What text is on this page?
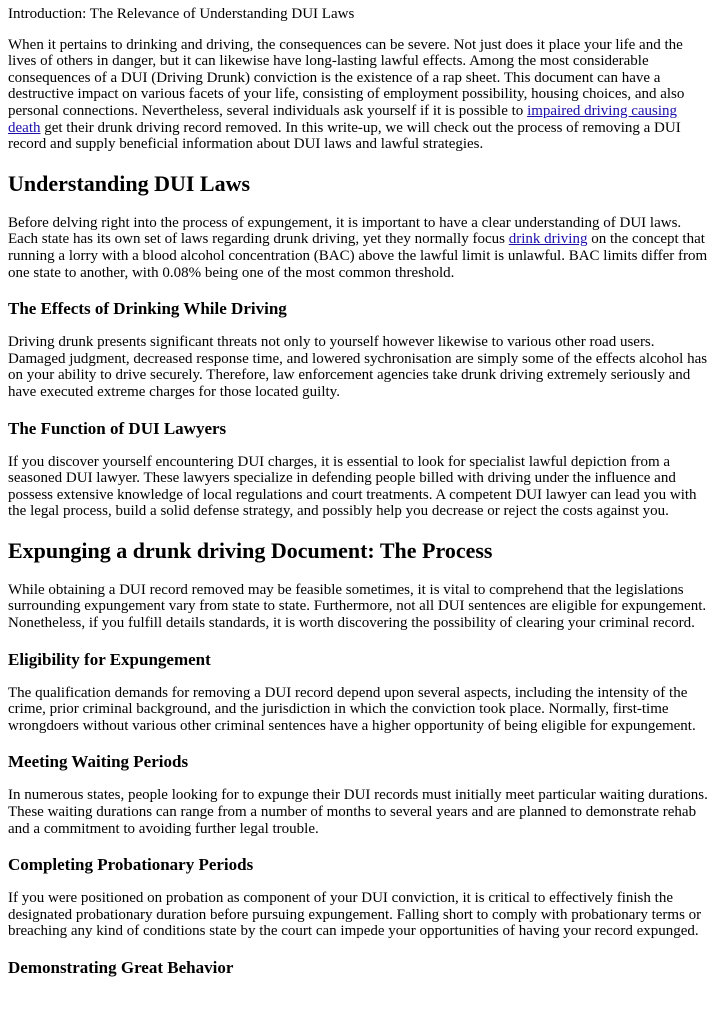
Introduction: The Relevance of Understanding DUI Laws

When it pertains to drinking and driving, the consequences can be severe. Not just does it place your life and the lives of others in danger, but it can likewise have long-lasting lawful effects. Among the most considerable consequences of a DUI (Driving Drunk) conviction is the existence of a rap sheet. This document can have a destructive impact on various facets of your life, consisting of employment possibility, housing choices, and also personal connections. Nevertheless, several individuals ask yourself if it is possible to impaired driving causing death get their drunk driving record removed. In this write-up, we will check out the process of removing a DUI record and supply beneficial information about DUI laws and lawful strategies.

Understanding DUI Laws

Before delving right into the process of expungement, it is important to have a clear understanding of DUI laws. Each state has its own set of laws regarding drunk driving, yet they normally focus drink driving on the concept that running a lorry with a blood alcohol concentration (BAC) above the lawful limit is unlawful. BAC limits differ from one state to another, with 0.08% being one of the most common threshold.

The Effects of Drinking While Driving

Driving drunk presents significant threats not only to yourself however likewise to various other road users. Damaged judgment, decreased response time, and lowered sychronisation are simply some of the effects alcohol has on your ability to drive securely. Therefore, law enforcement agencies take drunk driving extremely seriously and have executed extreme charges for those located guilty.

The Function of DUI Lawyers

If you discover yourself encountering DUI charges, it is essential to look for specialist lawful depiction from a seasoned DUI lawyer. These lawyers specialize in defending people billed with driving under the influence and possess extensive knowledge of local regulations and court treatments. A competent DUI lawyer can lead you with the legal process, build a solid defense strategy, and possibly help you decrease or reject the costs against you.

Expunging a drunk driving Document: The Process

While obtaining a DUI record removed may be feasible sometimes, it is vital to comprehend that the legislations surrounding expungement vary from state to state. Furthermore, not all DUI sentences are eligible for expungement. Nonetheless, if you fulfill details standards, it is worth discovering the possibility of clearing your criminal record.

Eligibility for Expungement

The qualification demands for removing a DUI record depend upon several aspects, including the intensity of the crime, prior criminal background, and the jurisdiction in which the conviction took place. Normally, first-time wrongdoers without various other criminal sentences have a higher opportunity of being eligible for expungement.

Meeting Waiting Periods

In numerous states, people looking for to expunge their DUI records must initially meet particular waiting durations. These waiting durations can range from a number of months to several years and are planned to demonstrate rehab and a commitment to avoiding further legal trouble.

Completing Probationary Periods

If you were positioned on probation as component of your DUI conviction, it is critical to effectively finish the designated probationary duration before pursuing expungement. Falling short to comply with probationary terms or breaching any kind of conditions state by the court can impede your opportunities of having your record expunged.

Demonstrating Great Behavior
